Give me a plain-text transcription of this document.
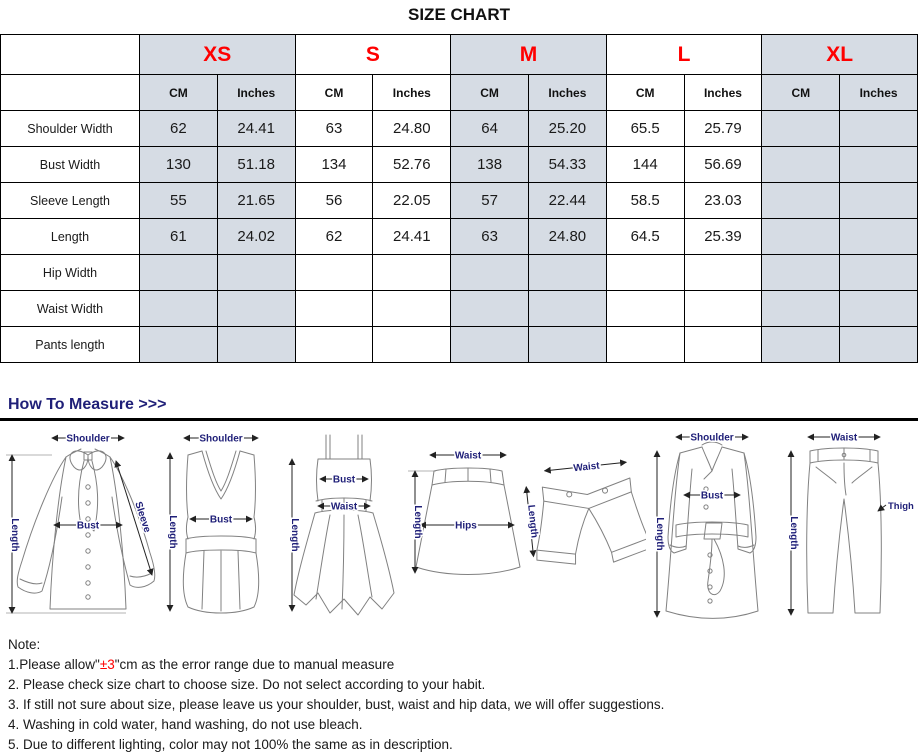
SIZE CHART
	XS		S		M		L		XL	
	CM	Inches	CM	Inches	CM	Inches	CM	Inches	CM	Inches
Shoulder Width	62	24.41	63	24.80	64	25.20	65.5	25.79		
Bust Width	130	51.18	134	52.76	138	54.33	144	56.69		
Sleeve Length	55	21.65	56	22.05	57	22.44	58.5	23.03		
Length	61	24.02	62	24.41	63	24.80	64.5	25.39		
Hip Width										
Waist Width										
Pants length										
How To Measure >>>
Shoulder
Length	Bust	Sleeve
Shoulder
Length	Bust
Bust
Waist
Length
Waist
Hips
Length
Waist
Length
Shoulder
Length
Bust
Waist
Length
Thigh
Note:
1.Please allow"±3"cm as the error range due to manual measure
2. Please check size chart to choose size. Do not select according to your habit.
3. If still not sure about size, please leave us your shoulder, bust, waist and hip data, we will offer suggestions.
4. Washing in cold water, hand washing, do not use bleach.
5. Due to different lighting, color may not 100% the same as in description.
